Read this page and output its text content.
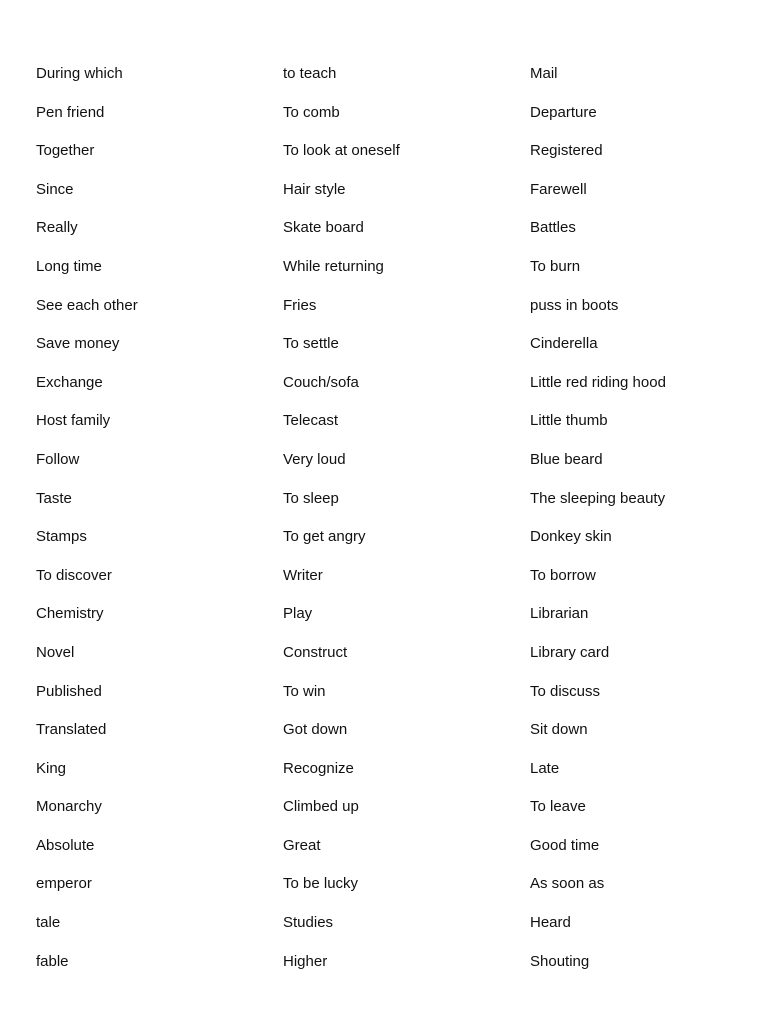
During which
Pen friend
Together
Since
Really
Long time
See each other
Save money
Exchange
Host family
Follow
Taste
Stamps
To discover
Chemistry
Novel
Published
Translated
King
Monarchy
Absolute
emperor
tale
fable
to teach
To comb
To look at oneself
Hair style
Skate board
While returning
Fries
To settle
Couch/sofa
Telecast
Very loud
To sleep
To get angry
Writer
Play
Construct
To win
Got down
Recognize
Climbed up
Great
To be lucky
Studies
Higher
Mail
Departure
Registered
Farewell
Battles
To burn
puss in boots
Cinderella
Little red riding hood
Little thumb
Blue beard
The sleeping beauty
Donkey skin
To borrow
Librarian
Library card
To discuss
Sit down
Late
To leave
Good time
As soon as
Heard
Shouting
